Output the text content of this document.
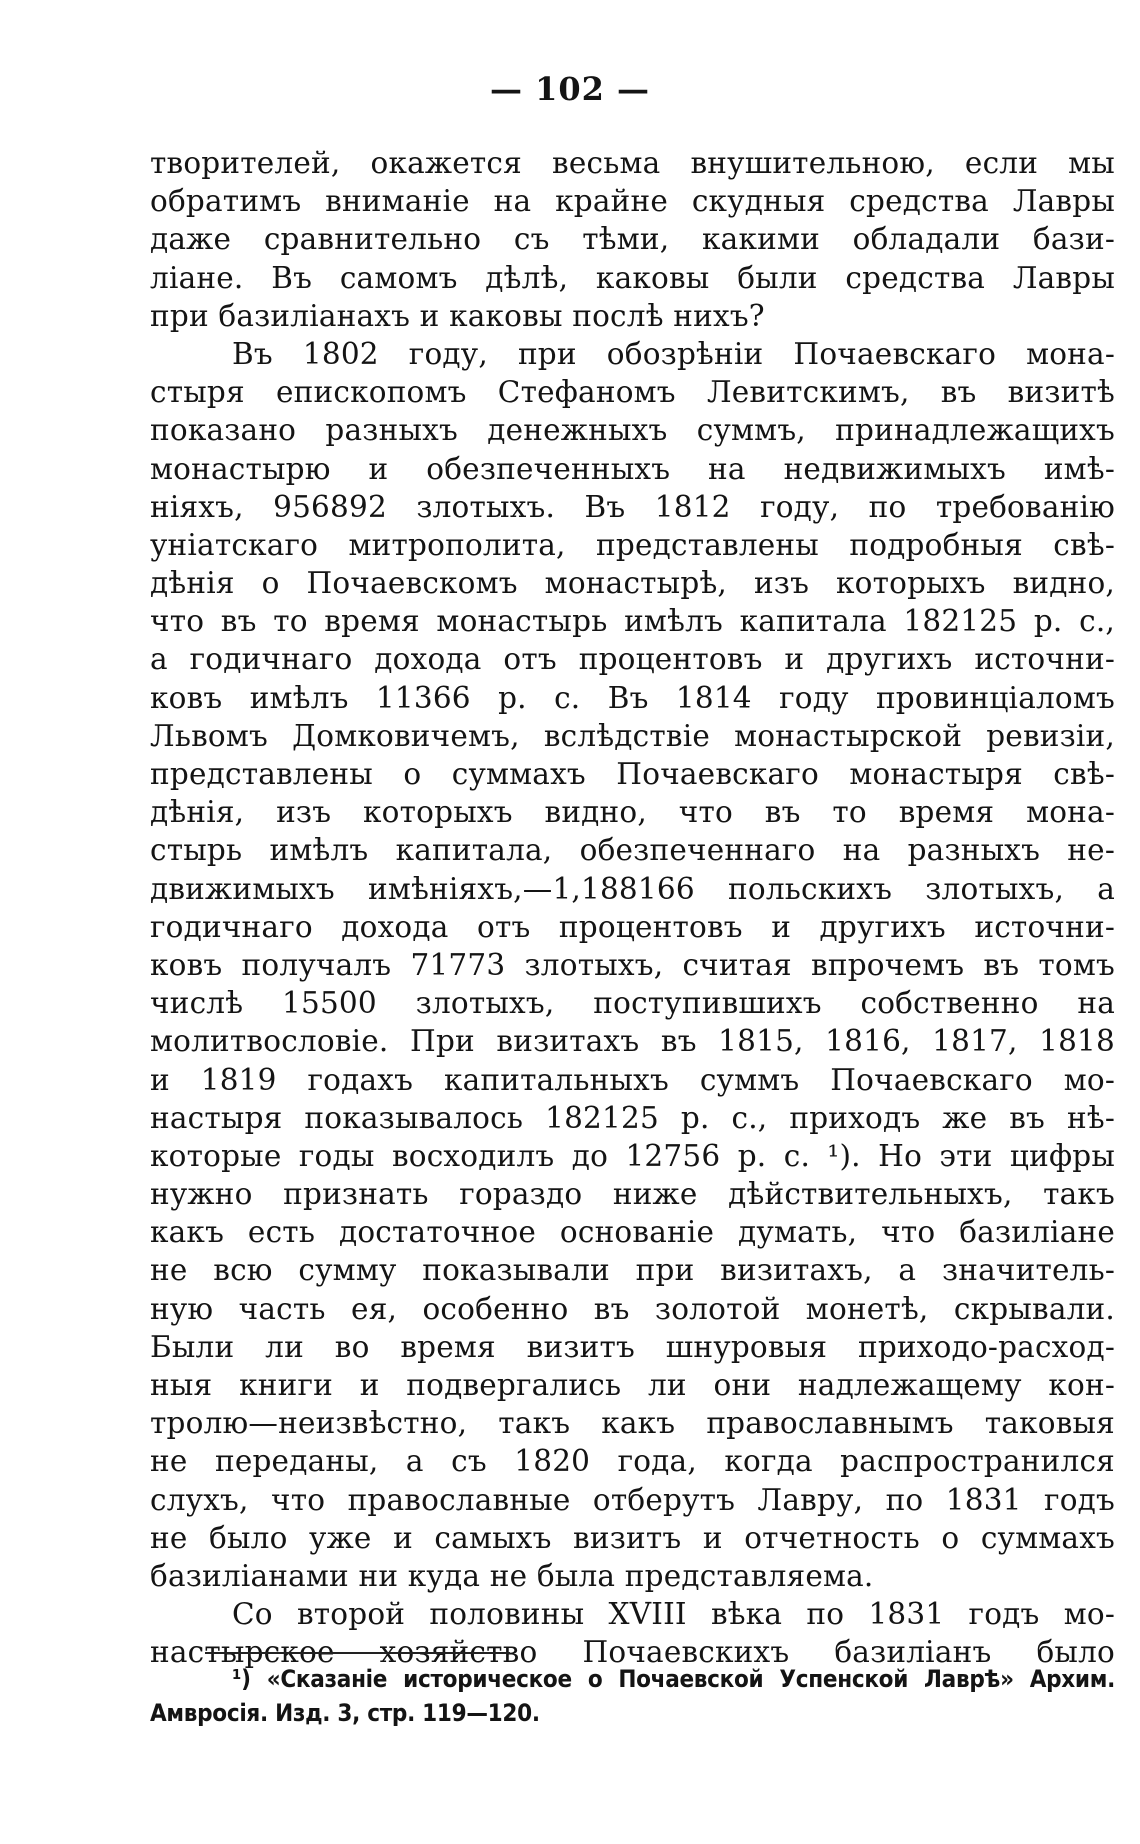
— 102 —
творителей, окажется весьма внушительною, если мы
обратимъ вниманіе на крайне скудныя средства Лавры
даже сравнительно съ тѣми, какими обладали бази-
ліане. Въ самомъ дѣлѣ, каковы были средства Лавры
при базиліанахъ и каковы послѣ нихъ?
Въ 1802 году, при обозрѣніи Почаевскаго мона-
стыря епископомъ Стефаномъ Левитскимъ, въ визитѣ
показано разныхъ денежныхъ суммъ, принадлежащихъ
монастырю и обезпеченныхъ на недвижимыхъ имѣ-
ніяхъ, 956892 злотыхъ. Въ 1812 году, по требованію
уніатскаго митрополита, представлены подробныя свѣ-
дѣнія о Почаевскомъ монастырѣ, изъ которыхъ видно,
что въ то время монастырь имѣлъ капитала 182125 р. с.,
а годичнаго дохода отъ процентовъ и другихъ источни-
ковъ имѣлъ 11366 р. с. Въ 1814 году провинціаломъ
Львомъ Домковичемъ, вслѣдствіе монастырской ревизіи,
представлены о суммахъ Почаевскаго монастыря свѣ-
дѣнія, изъ которыхъ видно, что въ то время мона-
стырь имѣлъ капитала, обезпеченнаго на разныхъ не-
движимыхъ имѣніяхъ,—1,188166 польскихъ злотыхъ, а
годичнаго дохода отъ процентовъ и другихъ источни-
ковъ получалъ 71773 злотыхъ, считая впрочемъ въ томъ
числѣ 15500 злотыхъ, поступившихъ собственно на
молитвословіе. При визитахъ въ 1815, 1816, 1817, 1818
и 1819 годахъ капитальныхъ суммъ Почаевскаго мо-
настыря показывалось 182125 р. с., приходъ же въ нѣ-
которые годы восходилъ до 12756 р. с. ¹). Но эти цифры
нужно признать гораздо ниже дѣйствительныхъ, такъ
какъ есть достаточное основаніе думать, что базиліане
не всю сумму показывали при визитахъ, а значитель-
ную часть ея, особенно въ золотой монетѣ, скрывали.
Были ли во время визитъ шнуровыя приходо-расход-
ныя книги и подвергались ли они надлежащему кон-
тролю—неизвѣстно, такъ какъ православнымъ таковыя
не переданы, а съ 1820 года, когда распространился
слухъ, что православные отберутъ Лавру, по 1831 годъ
не было уже и самыхъ визитъ и отчетность о суммахъ
базиліанами ни куда не была представляема.
Со второй половины XVIII вѣка по 1831 годъ мо-
настырское хозяйство Почаевскихъ базиліанъ было
¹) «Сказаніе историческое о Почаевской Успенской Лаврѣ» Архим.
Амвросія. Изд. 3, стр. 119—120.
